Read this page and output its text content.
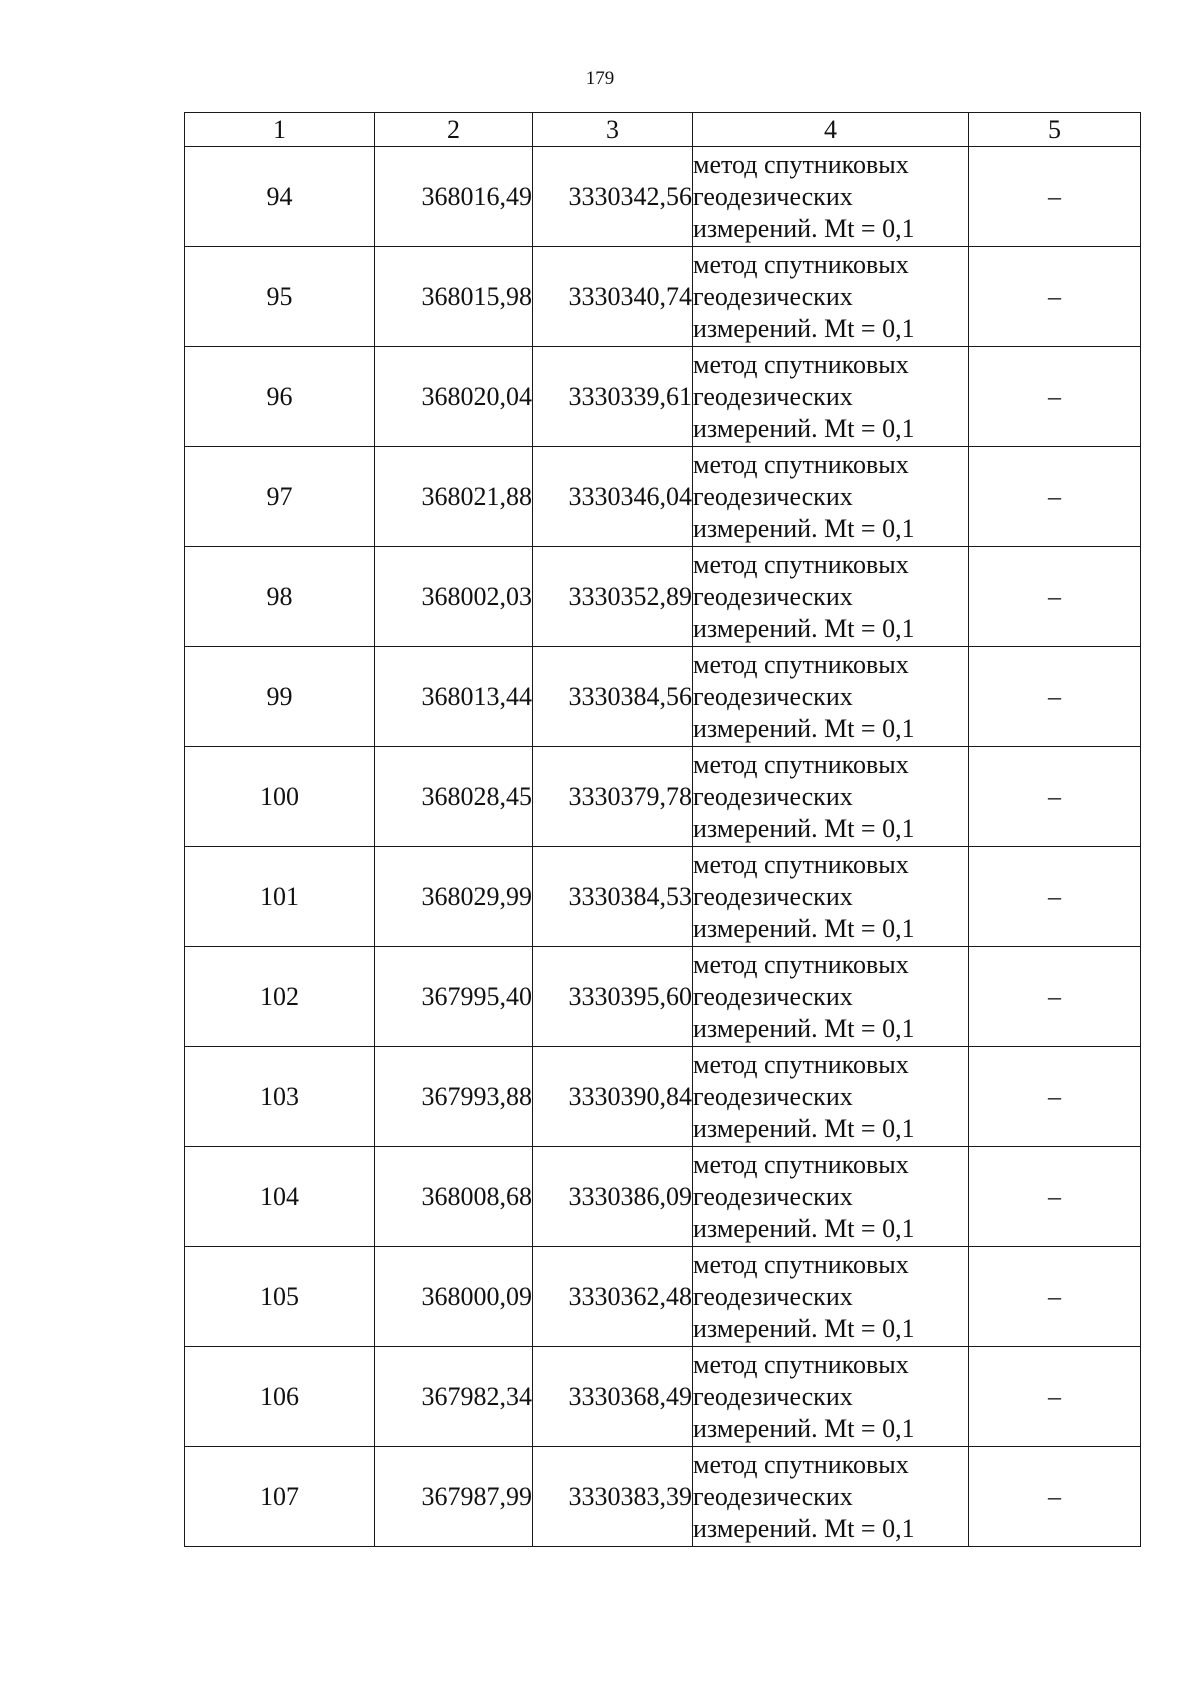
179
1	2	3	4	5
94	368016,49	3330342,56	метод спутниковых
геодезических
измерений. Mt = 0,1	–
95	368015,98	3330340,74	метод спутниковых
геодезических
измерений. Mt = 0,1	–
96	368020,04	3330339,61	метод спутниковых
геодезических
измерений. Mt = 0,1	–
97	368021,88	3330346,04	метод спутниковых
геодезических
измерений. Mt = 0,1	–
98	368002,03	3330352,89	метод спутниковых
геодезических
измерений. Mt = 0,1	–
99	368013,44	3330384,56	метод спутниковых
геодезических
измерений. Mt = 0,1	–
100	368028,45	3330379,78	метод спутниковых
геодезических
измерений. Mt = 0,1	–
101	368029,99	3330384,53	метод спутниковых
геодезических
измерений. Mt = 0,1	–
102	367995,40	3330395,60	метод спутниковых
геодезических
измерений. Mt = 0,1	–
103	367993,88	3330390,84	метод спутниковых
геодезических
измерений. Mt = 0,1	–
104	368008,68	3330386,09	метод спутниковых
геодезических
измерений. Mt = 0,1	–
105	368000,09	3330362,48	метод спутниковых
геодезических
измерений. Mt = 0,1	–
106	367982,34	3330368,49	метод спутниковых
геодезических
измерений. Mt = 0,1	–
107	367987,99	3330383,39	метод спутниковых
геодезических
измерений. Mt = 0,1	–
